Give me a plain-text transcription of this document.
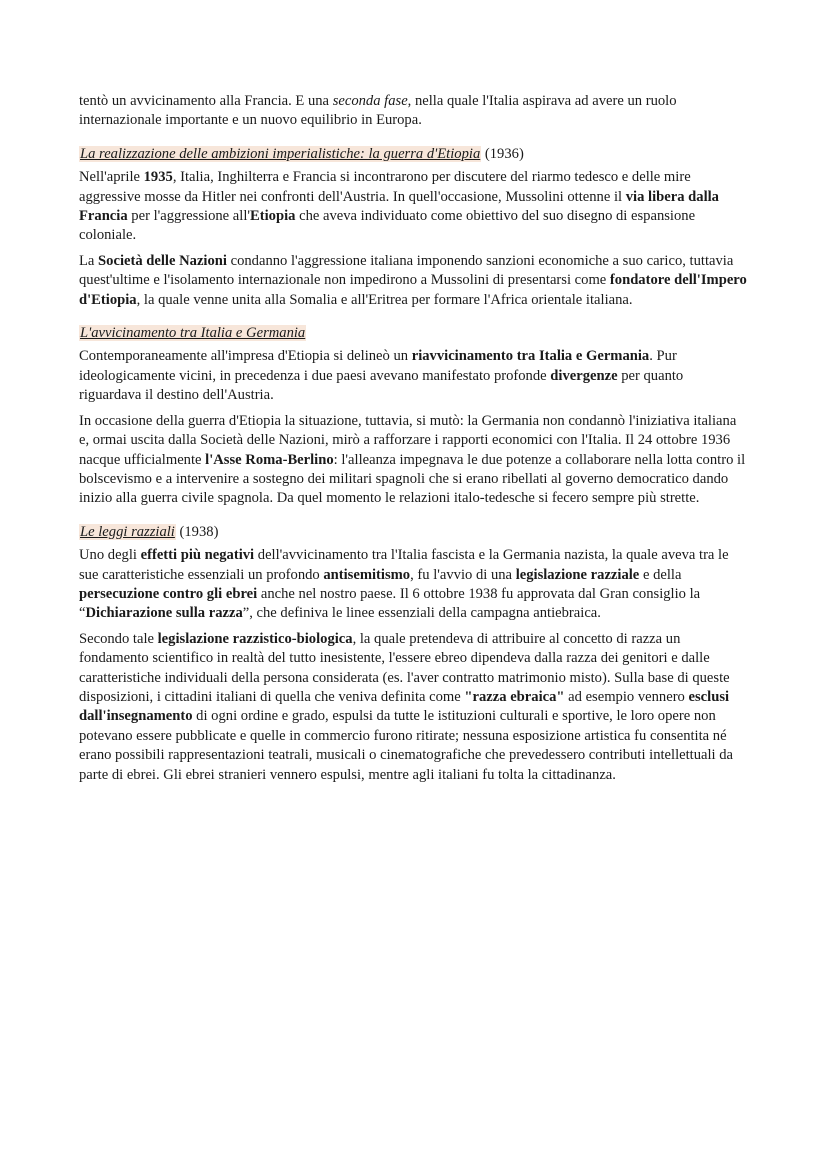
tentò un avvicinamento alla Francia. E una seconda fase, nella quale l'Italia aspirava ad avere un ruolo internazionale importante e un nuovo equilibrio in Europa.

La realizzazione delle ambizioni imperialistiche: la guerra d'Etiopia (1936)

Nell'aprile 1935, Italia, Inghilterra e Francia si incontrarono per discutere del riarmo tedesco e delle mire aggressive mosse da Hitler nei confronti dell'Austria. In quell'occasione, Mussolini ottenne il via libera dalla Francia per l'aggressione all'Etiopia che aveva individuato come obiettivo del suo disegno di espansione coloniale.

La Società delle Nazioni condanno l'aggressione italiana imponendo sanzioni economiche a suo carico, tuttavia quest'ultime e l'isolamento internazionale non impedirono a Mussolini di presentarsi come fondatore dell'Impero d'Etiopia, la quale venne unita alla Somalia e all'Eritrea per formare l'Africa orientale italiana.

L'avvicinamento tra Italia e Germania

Contemporaneamente all'impresa d'Etiopia si delineò un riavvicinamento tra Italia e Germania. Pur ideologicamente vicini, in precedenza i due paesi avevano manifestato profonde divergenze per quanto riguardava il destino dell'Austria.

In occasione della guerra d'Etiopia la situazione, tuttavia, si mutò: la Germania non condannò l'iniziativa italiana e, ormai uscita dalla Società delle Nazioni, mirò a rafforzare i rapporti economici con l'Italia. Il 24 ottobre 1936 nacque ufficialmente l'Asse Roma-Berlino: l'alleanza impegnava le due potenze a collaborare nella lotta contro il bolscevismo e a intervenire a sostegno dei militari spagnoli che si erano ribellati al governo democratico dando inizio alla guerra civile spagnola. Da quel momento le relazioni italo-tedesche si fecero sempre più strette.

Le leggi razziali (1938)

Uno degli effetti più negativi dell'avvicinamento tra l'Italia fascista e la Germania nazista, la quale aveva tra le sue caratteristiche essenziali un profondo antisemitismo, fu l'avvio di una legislazione razziale e della persecuzione contro gli ebrei anche nel nostro paese. Il 6 ottobre 1938 fu approvata dal Gran consiglio la “Dichiarazione sulla razza”, che definiva le linee essenziali della campagna antiebraica.

Secondo tale legislazione razzistico-biologica, la quale pretendeva di attribuire al concetto di razza un fondamento scientifico in realtà del tutto inesistente, l'essere ebreo dipendeva dalla razza dei genitori e dalle caratteristiche individuali della persona considerata (es. l'aver contratto matrimonio misto). Sulla base di queste disposizioni, i cittadini italiani di quella che veniva definita come "razza ebraica" ad esempio vennero esclusi dall'insegnamento di ogni ordine e grado, espulsi da tutte le istituzioni culturali e sportive, le loro opere non potevano essere pubblicate e quelle in commercio furono ritirate; nessuna esposizione artistica fu consentita né erano possibili rappresentazioni teatrali, musicali o cinematografiche che prevedessero contributi intellettuali da parte di ebrei. Gli ebrei stranieri vennero espulsi, mentre agli italiani fu tolta la cittadinanza.
